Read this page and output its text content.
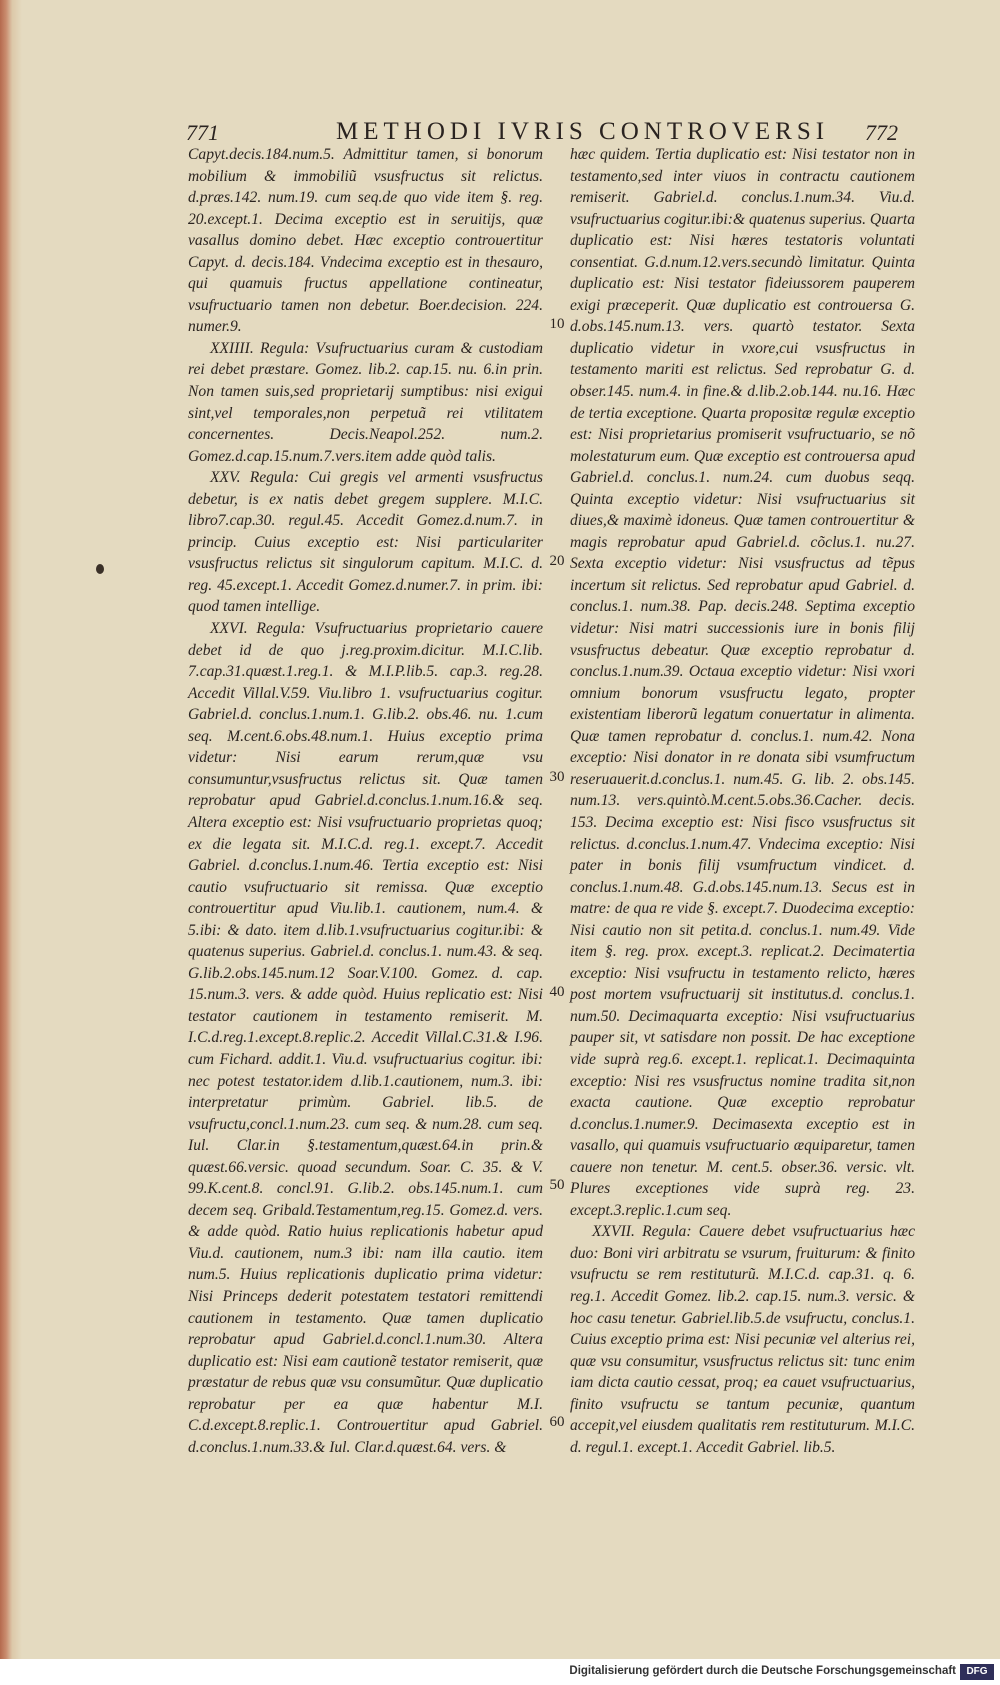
771	METHODI IVRIS CONTROVERSI 772

Capyt.decis.184.num.5. Admittitur tamen, si bonorum mobilium & immobiliũ vsusfructus sit relictus. d.præs.142. num.19. cum seq.de quo vide item §. reg. 20.except.1. Decima exceptio est in seruitijs, quæ vasallus domino debet. Hæc exceptio controuertitur Capyt. d. decis.184. Vndecima exceptio est in thesauro, qui quamuis fructus appellatione contineatur, vsufructuario tamen non debetur. Boer.decision. 224. numer.9.

XXIIII. Regula: Vsufructuarius curam & custodiam rei debet præstare. Gomez. lib.2. cap.15. nu. 6.in prin. Non tamen suis,sed proprietarij sumptibus: nisi exigui sint,vel temporales,non perpetuã rei vtilitatem concernentes. Decis.Neapol.252. num.2. Gomez.d.cap.15.num.7.vers.item adde quòd talis.

XXV. Regula: Cui gregis vel armenti vsusfructus debetur, is ex natis debet gregem supplere. M.I.C. libro7.cap.30. regul.45. Accedit Gomez.d.num.7. in princip. Cuius exceptio est: Nisi particulariter vsusfructus relictus sit singulorum capitum. M.I.C. d. reg. 45.except.1. Accedit Gomez.d.numer.7. in prim. ibi: quod tamen intellige.

XXVI. Regula: Vsufructuarius proprietario cauere debet id de quo j.reg.proxim.dicitur. M.I.C.lib. 7.cap.31.quæst.1.reg.1. & M.I.P.lib.5. cap.3. reg.28. Accedit Villal.V.59. Viu.libro 1. vsufructuarius cogitur. Gabriel.d. conclus.1.num.1. G.lib.2. obs.46. nu. 1.cum seq. M.cent.6.obs.48.num.1. Huius exceptio prima videtur: Nisi earum rerum,quæ vsu consumuntur,vsusfructus relictus sit. Quæ tamen reprobatur apud Gabriel.d.conclus.1.num.16.& seq. Altera exceptio est: Nisi vsufructuario proprietas quoq; ex die legata sit. M.I.C.d. reg.1. except.7. Accedit Gabriel. d.conclus.1.num.46. Tertia exceptio est: Nisi cautio vsufructuario sit remissa. Quæ exceptio controuertitur apud Viu.lib.1. cautionem, num.4. & 5.ibi: & dato. item d.lib.1.vsufructuarius cogitur.ibi: & quatenus superius. Gabriel.d. conclus.1. num.43. & seq. G.lib.2.obs.145.num.12 Soar.V.100. Gomez. d. cap. 15.num.3. vers. & adde quòd. Huius replicatio est: Nisi testator cautionem in testamento remiserit. M. I.C.d.reg.1.except.8.replic.2. Accedit Villal.C.31.& I.96. cum Fichard. addit.1. Viu.d. vsufructuarius cogitur. ibi: nec potest testator.idem d.lib.1.cautionem, num.3. ibi: interpretatur primùm. Gabriel. lib.5. de vsufructu,concl.1.num.23. cum seq. & num.28. cum seq. Iul. Clar.in §.testamentum,quæst.64.in prin.& quæst.66.versic. quoad secundum. Soar. C. 35. & V. 99.K.cent.8. concl.91. G.lib.2. obs.145.num.1. cum decem seq. Gribald.Testamentum,reg.15. Gomez.d. vers. & adde quòd. Ratio huius replicationis habetur apud Viu.d. cautionem, num.3 ibi: nam illa cautio. item num.5. Huius replicationis duplicatio prima videtur: Nisi Princeps dederit potestatem testatori remittendi cautionem in testamento. Quæ tamen duplicatio reprobatur apud Gabriel.d.concl.1.num.30. Altera duplicatio est: Nisi eam cautionẽ testator remiserit, quæ præstatur de rebus quæ vsu consumũtur. Quæ duplicatio reprobatur per ea quæ habentur M.I. C.d.except.8.replic.1. Controuertitur apud Gabriel. d.conclus.1.num.33.& Iul. Clar.d.quæst.64. vers. &

10
20
30
40
50
60

hæc quidem. Tertia duplicatio est: Nisi testator non in testamento,sed inter viuos in contractu cautionem remiserit. Gabriel.d. conclus.1.num.34. Viu.d. vsufructuarius cogitur.ibi:& quatenus superius. Quarta duplicatio est: Nisi hæres testatoris voluntati consentiat. G.d.num.12.vers.secundò limitatur. Quinta duplicatio est: Nisi testator fideiussorem pauperem exigi præceperit. Quæ duplicatio est controuersa G. d.obs.145.num.13. vers. quartò testator. Sexta duplicatio videtur in vxore,cui vsusfructus in testamento mariti est relictus. Sed reprobatur G. d. obser.145. num.4. in fine.& d.lib.2.ob.144. nu.16. Hæc de tertia exceptione. Quarta propositæ regulæ exceptio est: Nisi proprietarius promiserit vsufructuario, se nõ molestaturum eum. Quæ exceptio est controuersa apud Gabriel.d. conclus.1. num.24. cum duobus seqq. Quinta exceptio videtur: Nisi vsufructuarius sit diues,& maximè idoneus. Quæ tamen controuertitur & magis reprobatur apud Gabriel.d. cõclus.1. nu.27. Sexta exceptio videtur: Nisi vsusfructus ad tẽpus incertum sit relictus. Sed reprobatur apud Gabriel. d. conclus.1. num.38. Pap. decis.248. Septima exceptio videtur: Nisi matri successionis iure in bonis filij vsusfructus debeatur. Quæ exceptio reprobatur d. conclus.1.num.39. Octaua exceptio videtur: Nisi vxori omnium bonorum vsusfructu legato, propter existentiam liberorũ legatum conuertatur in alimenta. Quæ tamen reprobatur d. conclus.1. num.42. Nona exceptio: Nisi donator in re donata sibi vsumfructum reseruauerit.d.conclus.1. num.45. G. lib. 2. obs.145. num.13. vers.quintò.M.cent.5.obs.36.Cacher. decis. 153. Decima exceptio est: Nisi fisco vsusfructus sit relictus. d.conclus.1.num.47. Vndecima exceptio: Nisi pater in bonis filij vsumfructum vindicet. d. conclus.1.num.48. G.d.obs.145.num.13. Secus est in matre: de qua re vide §. except.7. Duodecima exceptio: Nisi cautio non sit petita.d. conclus.1. num.49. Vide item §. reg. prox. except.3. replicat.2. Decimatertia exceptio: Nisi vsufructu in testamento relicto, hæres post mortem vsufructuarij sit institutus.d. conclus.1. num.50. Decimaquarta exceptio: Nisi vsufructuarius pauper sit, vt satisdare non possit. De hac exceptione vide suprà reg.6. except.1. replicat.1. Decimaquinta exceptio: Nisi res vsusfructus nomine tradita sit,non exacta cautione. Quæ exceptio reprobatur d.conclus.1.numer.9. Decimasexta exceptio est in vasallo, qui quamuis vsufructuario æquiparetur, tamen cauere non tenetur. M. cent.5. obser.36. versic. vlt. Plures exceptiones vide suprà reg. 23. except.3.replic.1.cum seq.

XXVII. Regula: Cauere debet vsufructuarius hæc duo: Boni viri arbitratu se vsurum, fruiturum: & finito vsufructu se rem restituturũ. M.I.C.d. cap.31. q. 6. reg.1. Accedit Gomez. lib.2. cap.15. num.3. versic. & hoc casu tenetur. Gabriel.lib.5.de vsufructu, conclus.1. Cuius exceptio prima est: Nisi pecuniæ vel alterius rei, quæ vsu consumitur, vsusfructus relictus sit: tunc enim iam dicta cautio cessat, proq; ea cauet vsufructuarius, finito vsufructu se tantum pecuniæ, quantum accepit,vel eiusdem qualitatis rem restituturum. M.I.C. d. regul.1. except.1. Accedit Gabriel. lib.5.

Digitalisierung gefördert durch die Deutsche Forschungsgemeinschaft	DFG
